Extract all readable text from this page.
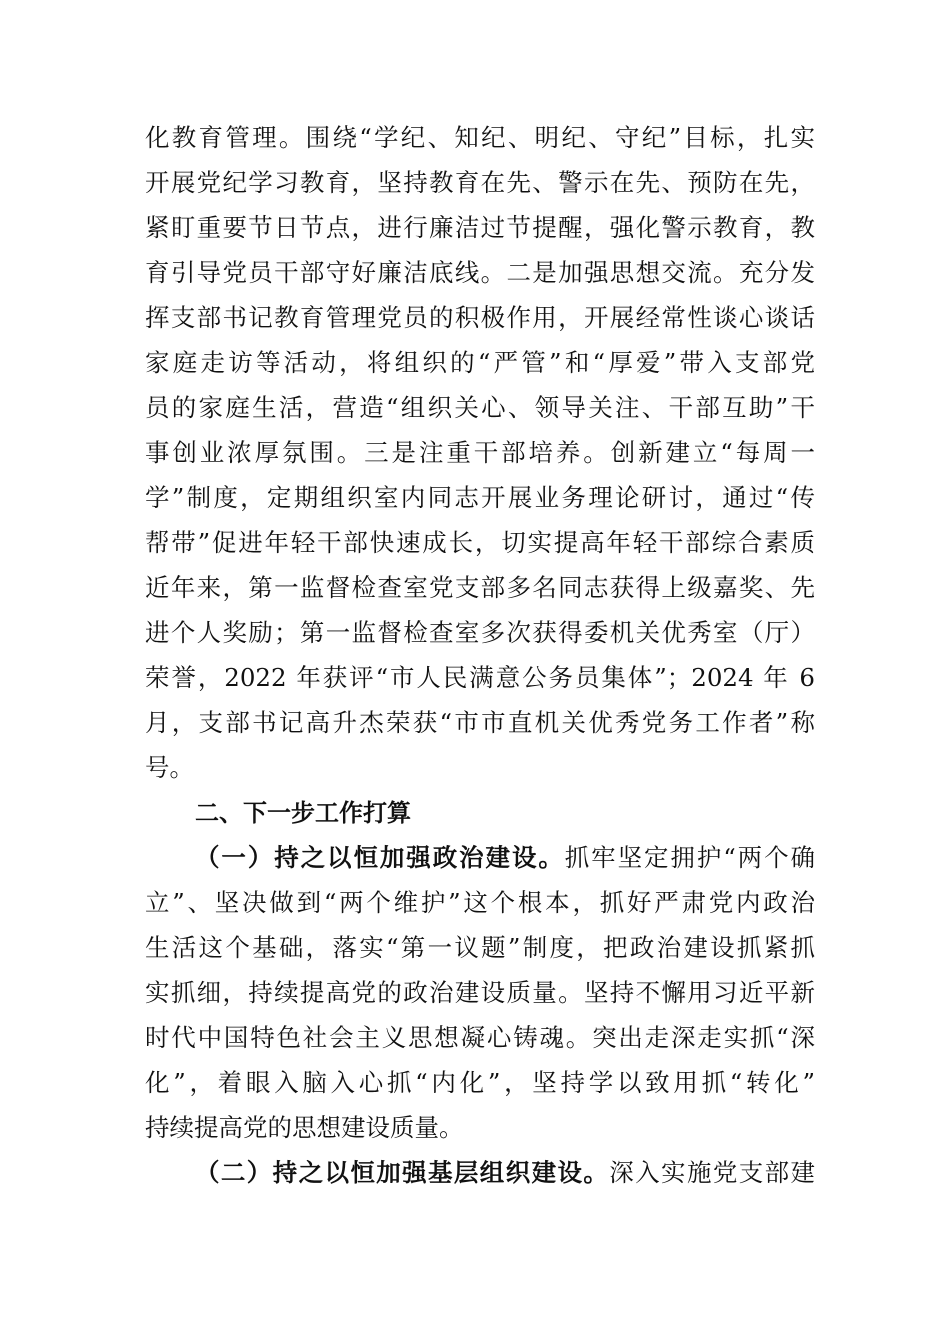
化教育管理。围绕“学纪、知纪、明纪、守纪”目标，扎实
开展党纪学习教育，坚持教育在先、警示在先、预防在先，
紧盯重要节日节点，进行廉洁过节提醒，强化警示教育，教
育引导党员干部守好廉洁底线。二是加强思想交流。充分发
挥支部书记教育管理党员的积极作用，开展经常性谈心谈话
家庭走访等活动，将组织的“严管”和“厚爱”带入支部党
员的家庭生活，营造“组织关心、领导关注、干部互助”干
事创业浓厚氛围。三是注重干部培养。创新建立“每周一
学”制度，定期组织室内同志开展业务理论研讨，通过“传
帮带”促进年轻干部快速成长，切实提高年轻干部综合素质
近年来，第一监督检查室党支部多名同志获得上级嘉奖、先
进个人奖励；第一监督检查室多次获得委机关优秀室（厅）
荣誉，2022 年获评“市人民满意公务员集体”；2024 年 6
月，支部书记高升杰荣获“市市直机关优秀党务工作者”称
号。
二、下一步工作打算
（一）持之以恒加强政治建设。抓牢坚定拥护“两个确
立”、坚决做到“两个维护”这个根本，抓好严肃党内政治
生活这个基础，落实“第一议题”制度，把政治建设抓紧抓
实抓细，持续提高党的政治建设质量。坚持不懈用习近平新
时代中国特色社会主义思想凝心铸魂。突出走深走实抓“深
化”，着眼入脑入心抓“内化”，坚持学以致用抓“转化”
持续提高党的思想建设质量。
（二）持之以恒加强基层组织建设。深入实施党支部建
